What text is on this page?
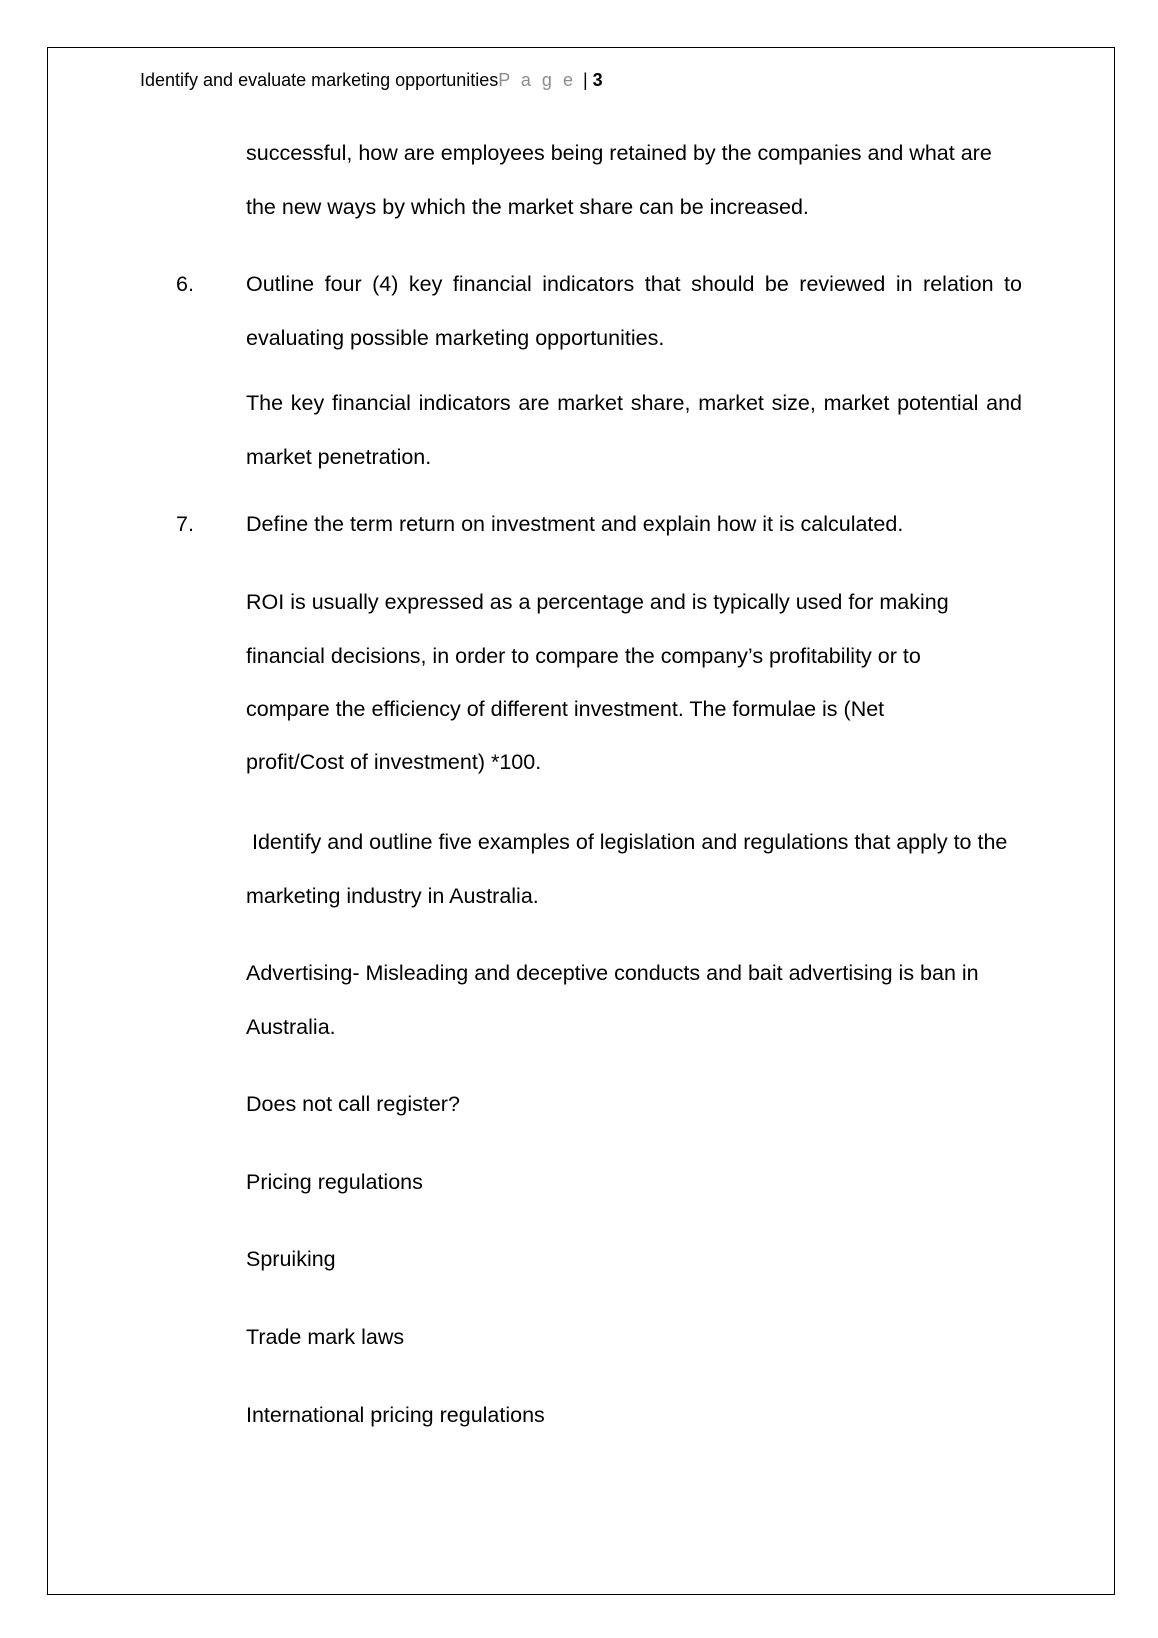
Identify and evaluate marketing opportunitiesP a g e | 3

successful, how are employees being retained by the companies and what are the new ways by which the market share can be increased.

6. Outline four (4) key financial indicators that should be reviewed in relation to evaluating possible marketing opportunities.

The key financial indicators are market share, market size, market potential and market penetration.

7. Define the term return on investment and explain how it is calculated.

ROI is usually expressed as a percentage and is typically used for making

financial decisions, in order to compare the company’s profitability or to

compare the efficiency of different investment. The formulae is (Net

profit/Cost of investment) *100.

Identify and outline five examples of legislation and regulations that apply to the marketing industry in Australia.

Advertising- Misleading and deceptive conducts and bait advertising is ban in Australia.

Does not call register?

Pricing regulations

Spruiking

Trade mark laws

International pricing regulations
